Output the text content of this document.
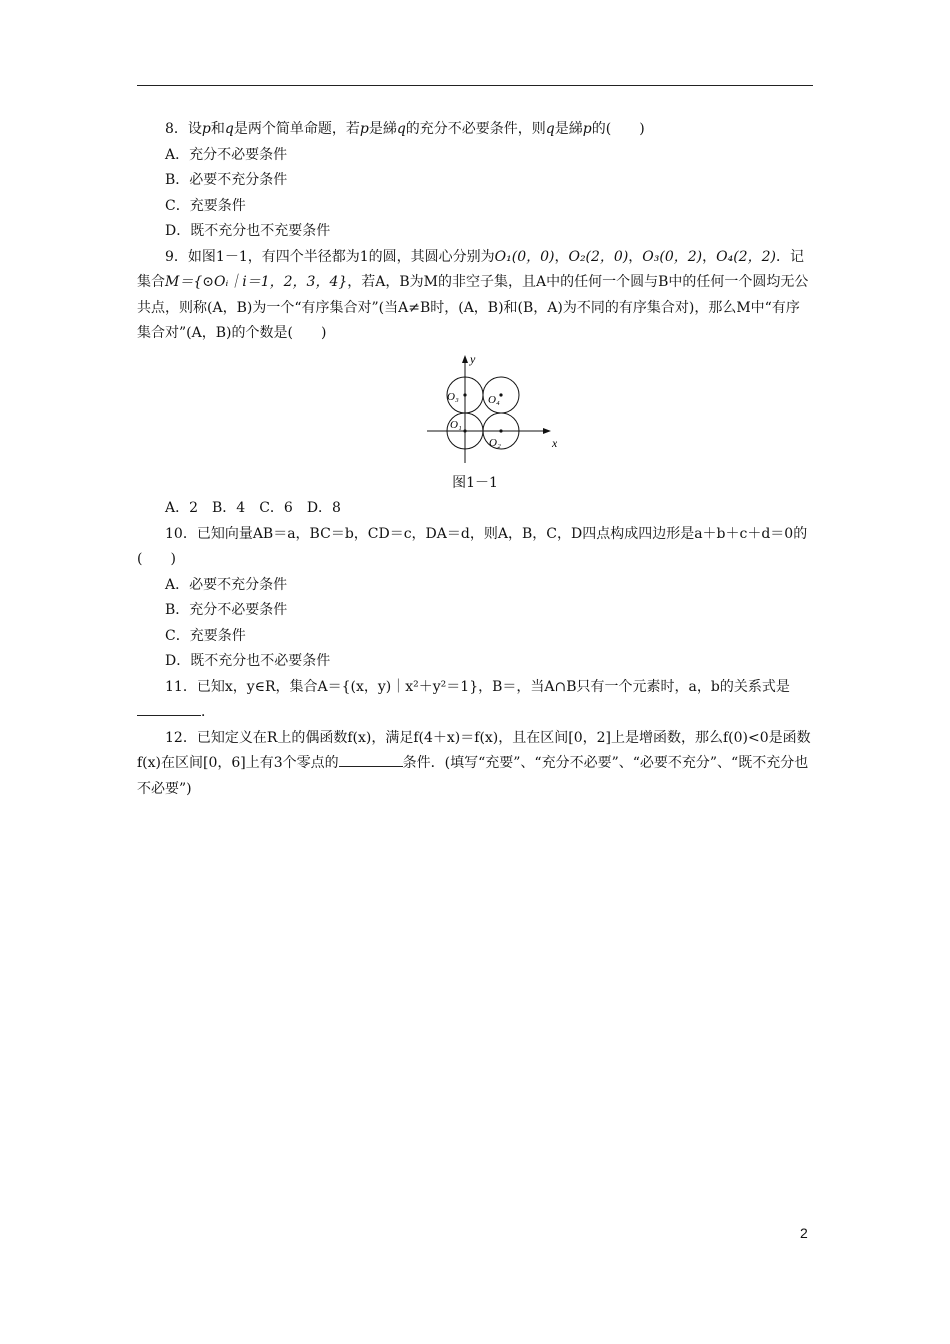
8．设p和q是两个简单命题，若p是綈q的充分不必要条件，则q是綈p的(　　)

A．充分不必要条件

B．必要不充分条件

C．充要条件

D．既不充分也不充要条件

9．如图1－1，有四个半径都为1的圆，其圆心分别为O₁(0，0)，O₂(2，0)，O₃(0，2)，O₄(2，2)．记集合M＝{⊙Oᵢ｜i＝1，2，3，4}，若A，B为M的非空子集，且A中的任何一个圆与B中的任何一个圆均无公共点，则称(A，B)为一个“有序集合对”(当A≠B时，(A，B)和(B，A)为不同的有序集合对)，那么M中“有序集合对”(A，B)的个数是(　　)

x
y
O₃	O₄
O₁
O₂

图1－1

A．2　B．4　C．6　D．8

10．已知向量AB＝a，BC＝b，CD＝c，DA＝d，则A，B，C，D四点构成四边形是a＋b＋c＋d＝0的(　　)

A．必要不充分条件

B．充分不必要条件

C．充要条件

D．既不充分也不必要条件

11．已知x，y∈R，集合A＝{(x，y)｜x²＋y²＝1}，B＝，当A∩B只有一个元素时，a，b的关系式是．

12．已知定义在R上的偶函数f(x)，满足f(4＋x)＝f(x)，且在区间[0，2]上是增函数，那么f(0)<0是函数f(x)在区间[0，6]上有3个零点的	条件．(填写“充要”、“充分不必要”、“必要不充分”、“既不充分也不必要”)

2
